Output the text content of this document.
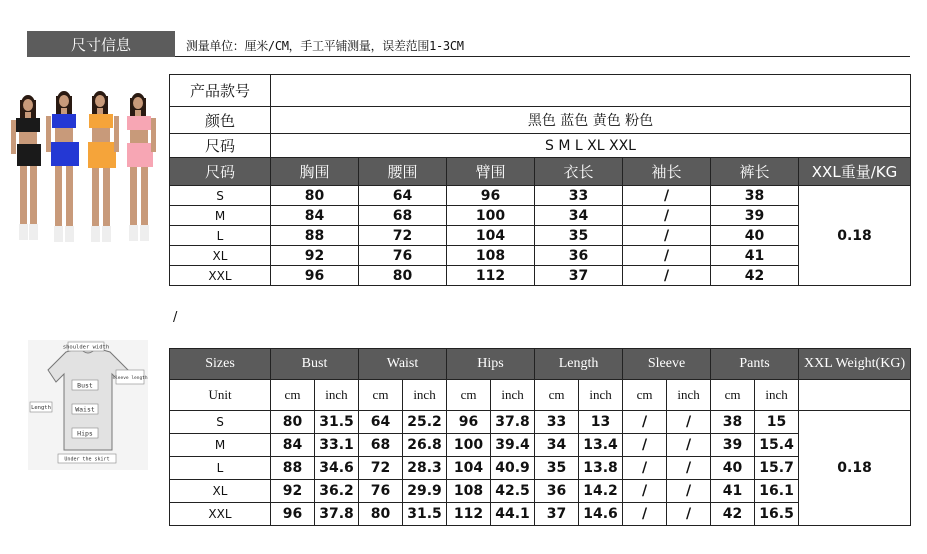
尺寸信息	测量单位：厘米/CM，手工平铺测量，误差范围1-3CM
/
shoulder width
Bust
Waist
Hips
Length
sleeve length
Under the skirt
产品款号							
颜色	黑色 蓝色 黄色 粉色						
尺码	S M L XL XXL						
尺码	胸围	腰围	臂围	衣长	袖长	裤长	XXL重量/KG
S	80	64	96	33	/	38	0.18
M	84	68	100	34	/	39	
L	88	72	104	35	/	40	
XL	92	76	108	36	/	41	
XXL	96	80	112	37	/	42	
Sizes	Bust		Waist		Hips		Length		Sleeve		Pants		XXL Weight(KG)
Unit	cm	inch	cm	inch	cm	inch	cm	inch	cm	inch	cm	inch	
S	80	31.5	64	25.2	96	37.8	33	13	/	/	38	15	0.18
M	84	33.1	68	26.8	100	39.4	34	13.4	/	/	39	15.4	
L	88	34.6	72	28.3	104	40.9	35	13.8	/	/	40	15.7	
XL	92	36.2	76	29.9	108	42.5	36	14.2	/	/	41	16.1	
XXL	96	37.8	80	31.5	112	44.1	37	14.6	/	/	42	16.5	
